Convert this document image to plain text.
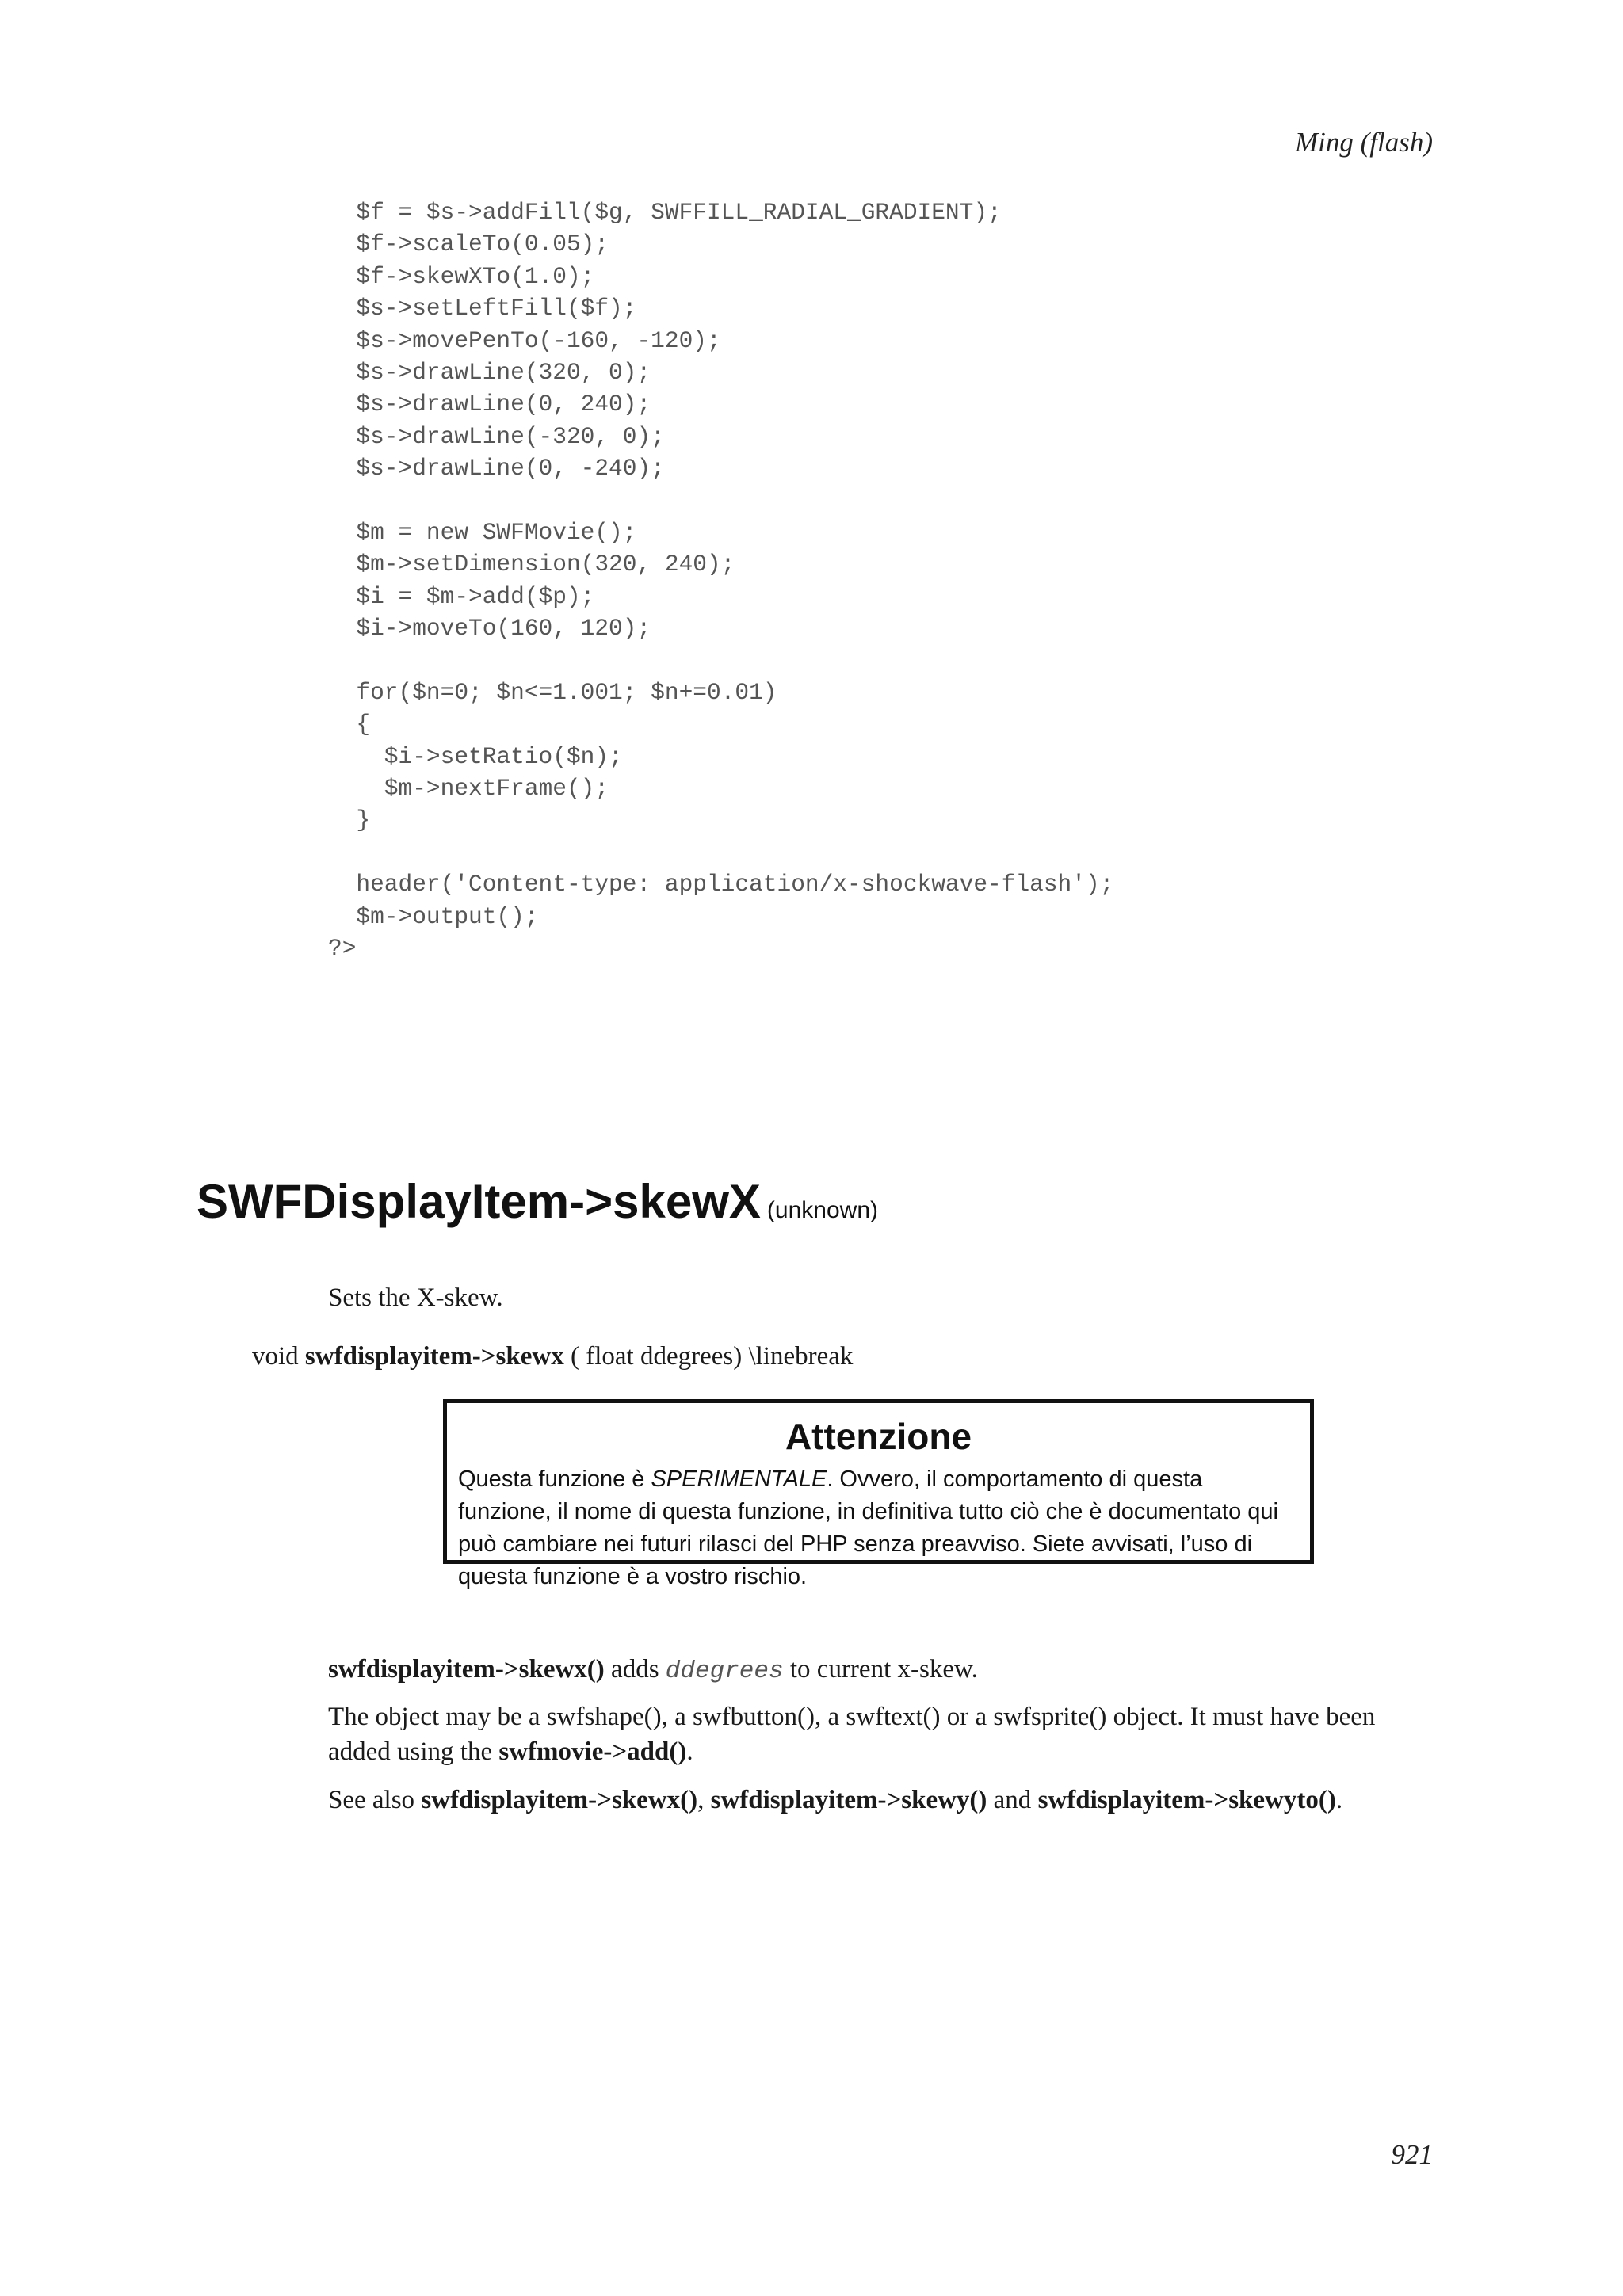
Ming (flash)
$f = $s->addFill($g, SWFFILL_RADIAL_GRADIENT);
$f->scaleTo(0.05);
$f->skewXTo(1.0);
$s->setLeftFill($f);
$s->movePenTo(-160, -120);
$s->drawLine(320, 0);
$s->drawLine(0, 240);
$s->drawLine(-320, 0);
$s->drawLine(0, -240);
$m = new SWFMovie();
$m->setDimension(320, 240);
$i = $m->add($p);
$i->moveTo(160, 120);
for($n=0; $n<=1.001; $n+=0.01)
{
$i->setRatio($n);
$m->nextFrame();
}
header('Content-type: application/x-shockwave-flash');
$m->output();
?>
SWFDisplayItem->skewX (unknown)
Sets the X-skew.
void swfdisplayitem->skewx ( float ddegrees) \linebreak
Attenzione
Questa funzione è SPERIMENTALE. Ovvero, il comportamento di questa funzione, il nome di questa funzione, in definitiva tutto ciò che è documentato qui può cambiare nei futuri rilasci del PHP senza preavviso. Siete avvisati, l’uso di questa funzione è a vostro rischio.
swfdisplayitem->skewx() adds ddegrees to current x-skew.
The object may be a swfshape(), a swfbutton(), a swftext() or a swfsprite() object. It must have been added using the swfmovie->add().
See also swfdisplayitem->skewx(), swfdisplayitem->skewy() and swfdisplayitem->skewyto().
921
